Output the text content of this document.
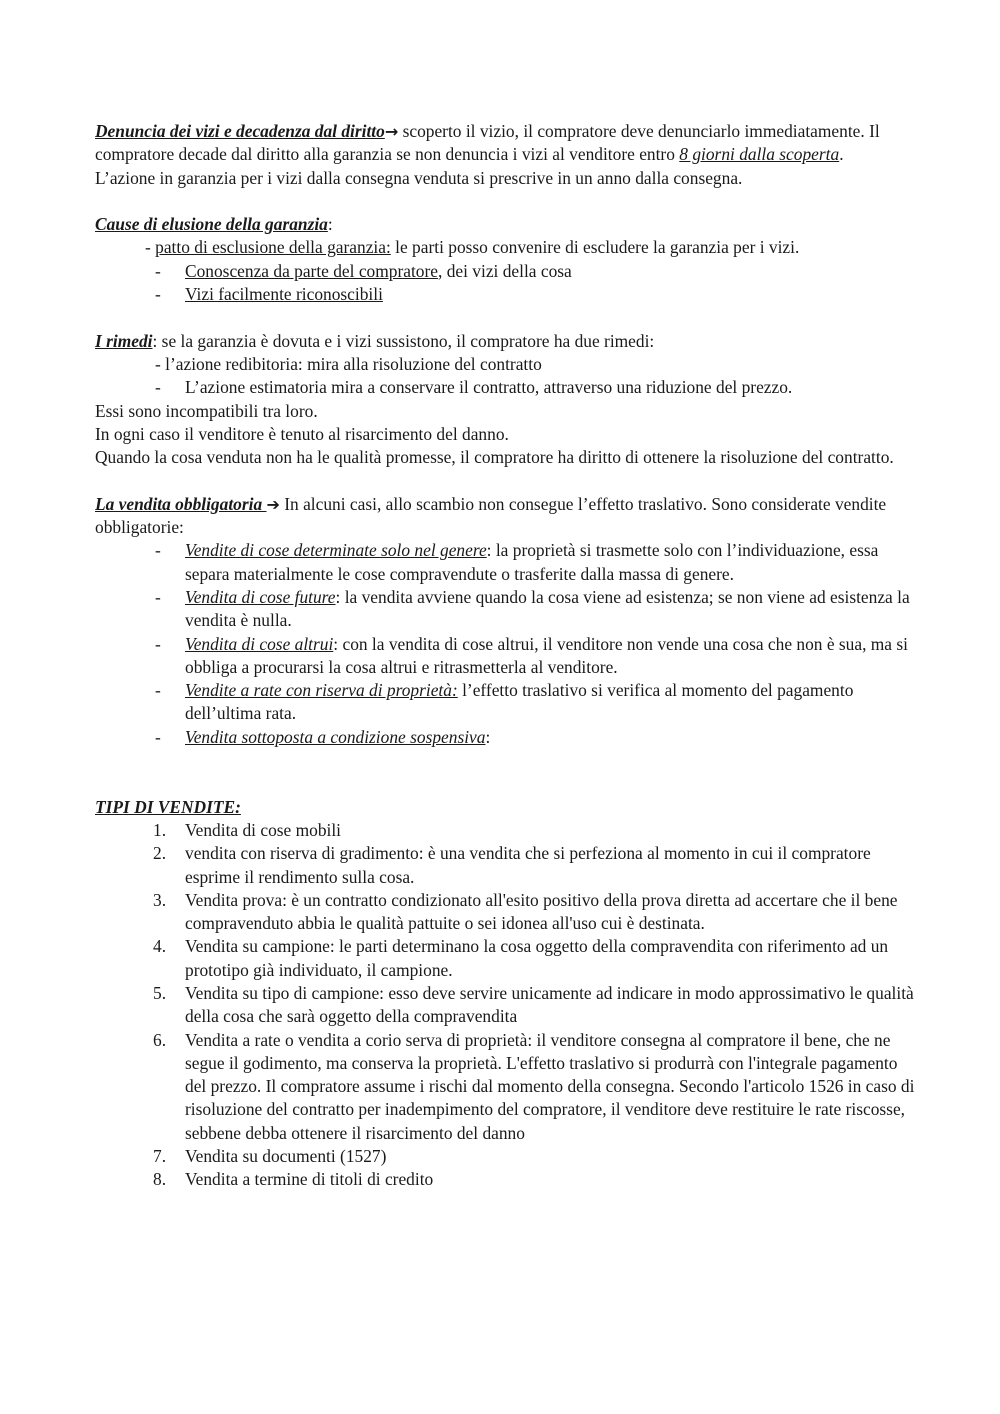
Denuncia dei vizi e decadenza dal diritto→ scoperto il vizio, il compratore deve denunciarlo immediatamente. Il compratore decade dal diritto alla garanzia se non denuncia i vizi al venditore entro 8 giorni dalla scoperta.

L’azione in garanzia per i vizi dalla consegna venduta si prescrive in un anno dalla consegna.

Cause di elusione della garanzia:

- patto di esclusione della garanzia: le parti posso convenire di escludere la garanzia per i vizi.

- Conoscenza da parte del compratore, dei vizi della cosa

- Vizi facilmente riconoscibili

I rimedi: se la garanzia è dovuta e i vizi sussistono, il compratore ha due rimedi:

- l’azione redibitoria: mira alla risoluzione del contratto

- L’azione estimatoria mira a conservare il contratto, attraverso una riduzione del prezzo.

Essi sono incompatibili tra loro.

In ogni caso il venditore è tenuto al risarcimento del danno.

Quando la cosa venduta non ha le qualità promesse, il compratore ha diritto di ottenere la risoluzione del contratto.

La vendita obbligatoria ➔ In alcuni casi, allo scambio non consegue l’effetto traslativo. Sono considerate vendite obbligatorie:

- Vendite di cose determinate solo nel genere: la proprietà si trasmette solo con l’individuazione, essa separa materialmente le cose compravendute o trasferite dalla massa di genere.

- Vendita di cose future: la vendita avviene quando la cosa viene ad esistenza; se non viene ad esistenza la vendita è nulla.

- Vendita di cose altrui: con la vendita di cose altrui, il venditore non vende una cosa che non è sua, ma si obbliga a procurarsi la cosa altrui e ritrasmetterla al venditore.

- Vendite a rate con riserva di proprietà: l’effetto traslativo si verifica al momento del pagamento dell’ultima rata.

- Vendita sottoposta a condizione sospensiva:

TIPI DI VENDITE:

1. Vendita di cose mobili
2. vendita con riserva di gradimento: è una vendita che si perfeziona al momento in cui il compratore esprime il rendimento sulla cosa.
3. Vendita prova: è un contratto condizionato all'esito positivo della prova diretta ad accertare che il bene compravenduto abbia le qualità pattuite o sei idonea all'uso cui è destinata.
4. Vendita su campione: le parti determinano la cosa oggetto della compravendita con riferimento ad un prototipo già individuato, il campione.
5. Vendita su tipo di campione: esso deve servire unicamente ad indicare in modo approssimativo le qualità della cosa che sarà oggetto della compravendita
6. Vendita a rate o vendita a corio serva di proprietà: il venditore consegna al compratore il bene, che ne segue il godimento, ma conserva la proprietà. L'effetto traslativo si produrrà con l'integrale pagamento del prezzo. Il compratore assume i rischi dal momento della consegna. Secondo l'articolo 1526 in caso di risoluzione del contratto per inadempimento del compratore, il venditore deve restituire le rate riscosse, sebbene debba ottenere il risarcimento del danno
7. Vendita su documenti (1527)
8. Vendita a termine di titoli di credito
